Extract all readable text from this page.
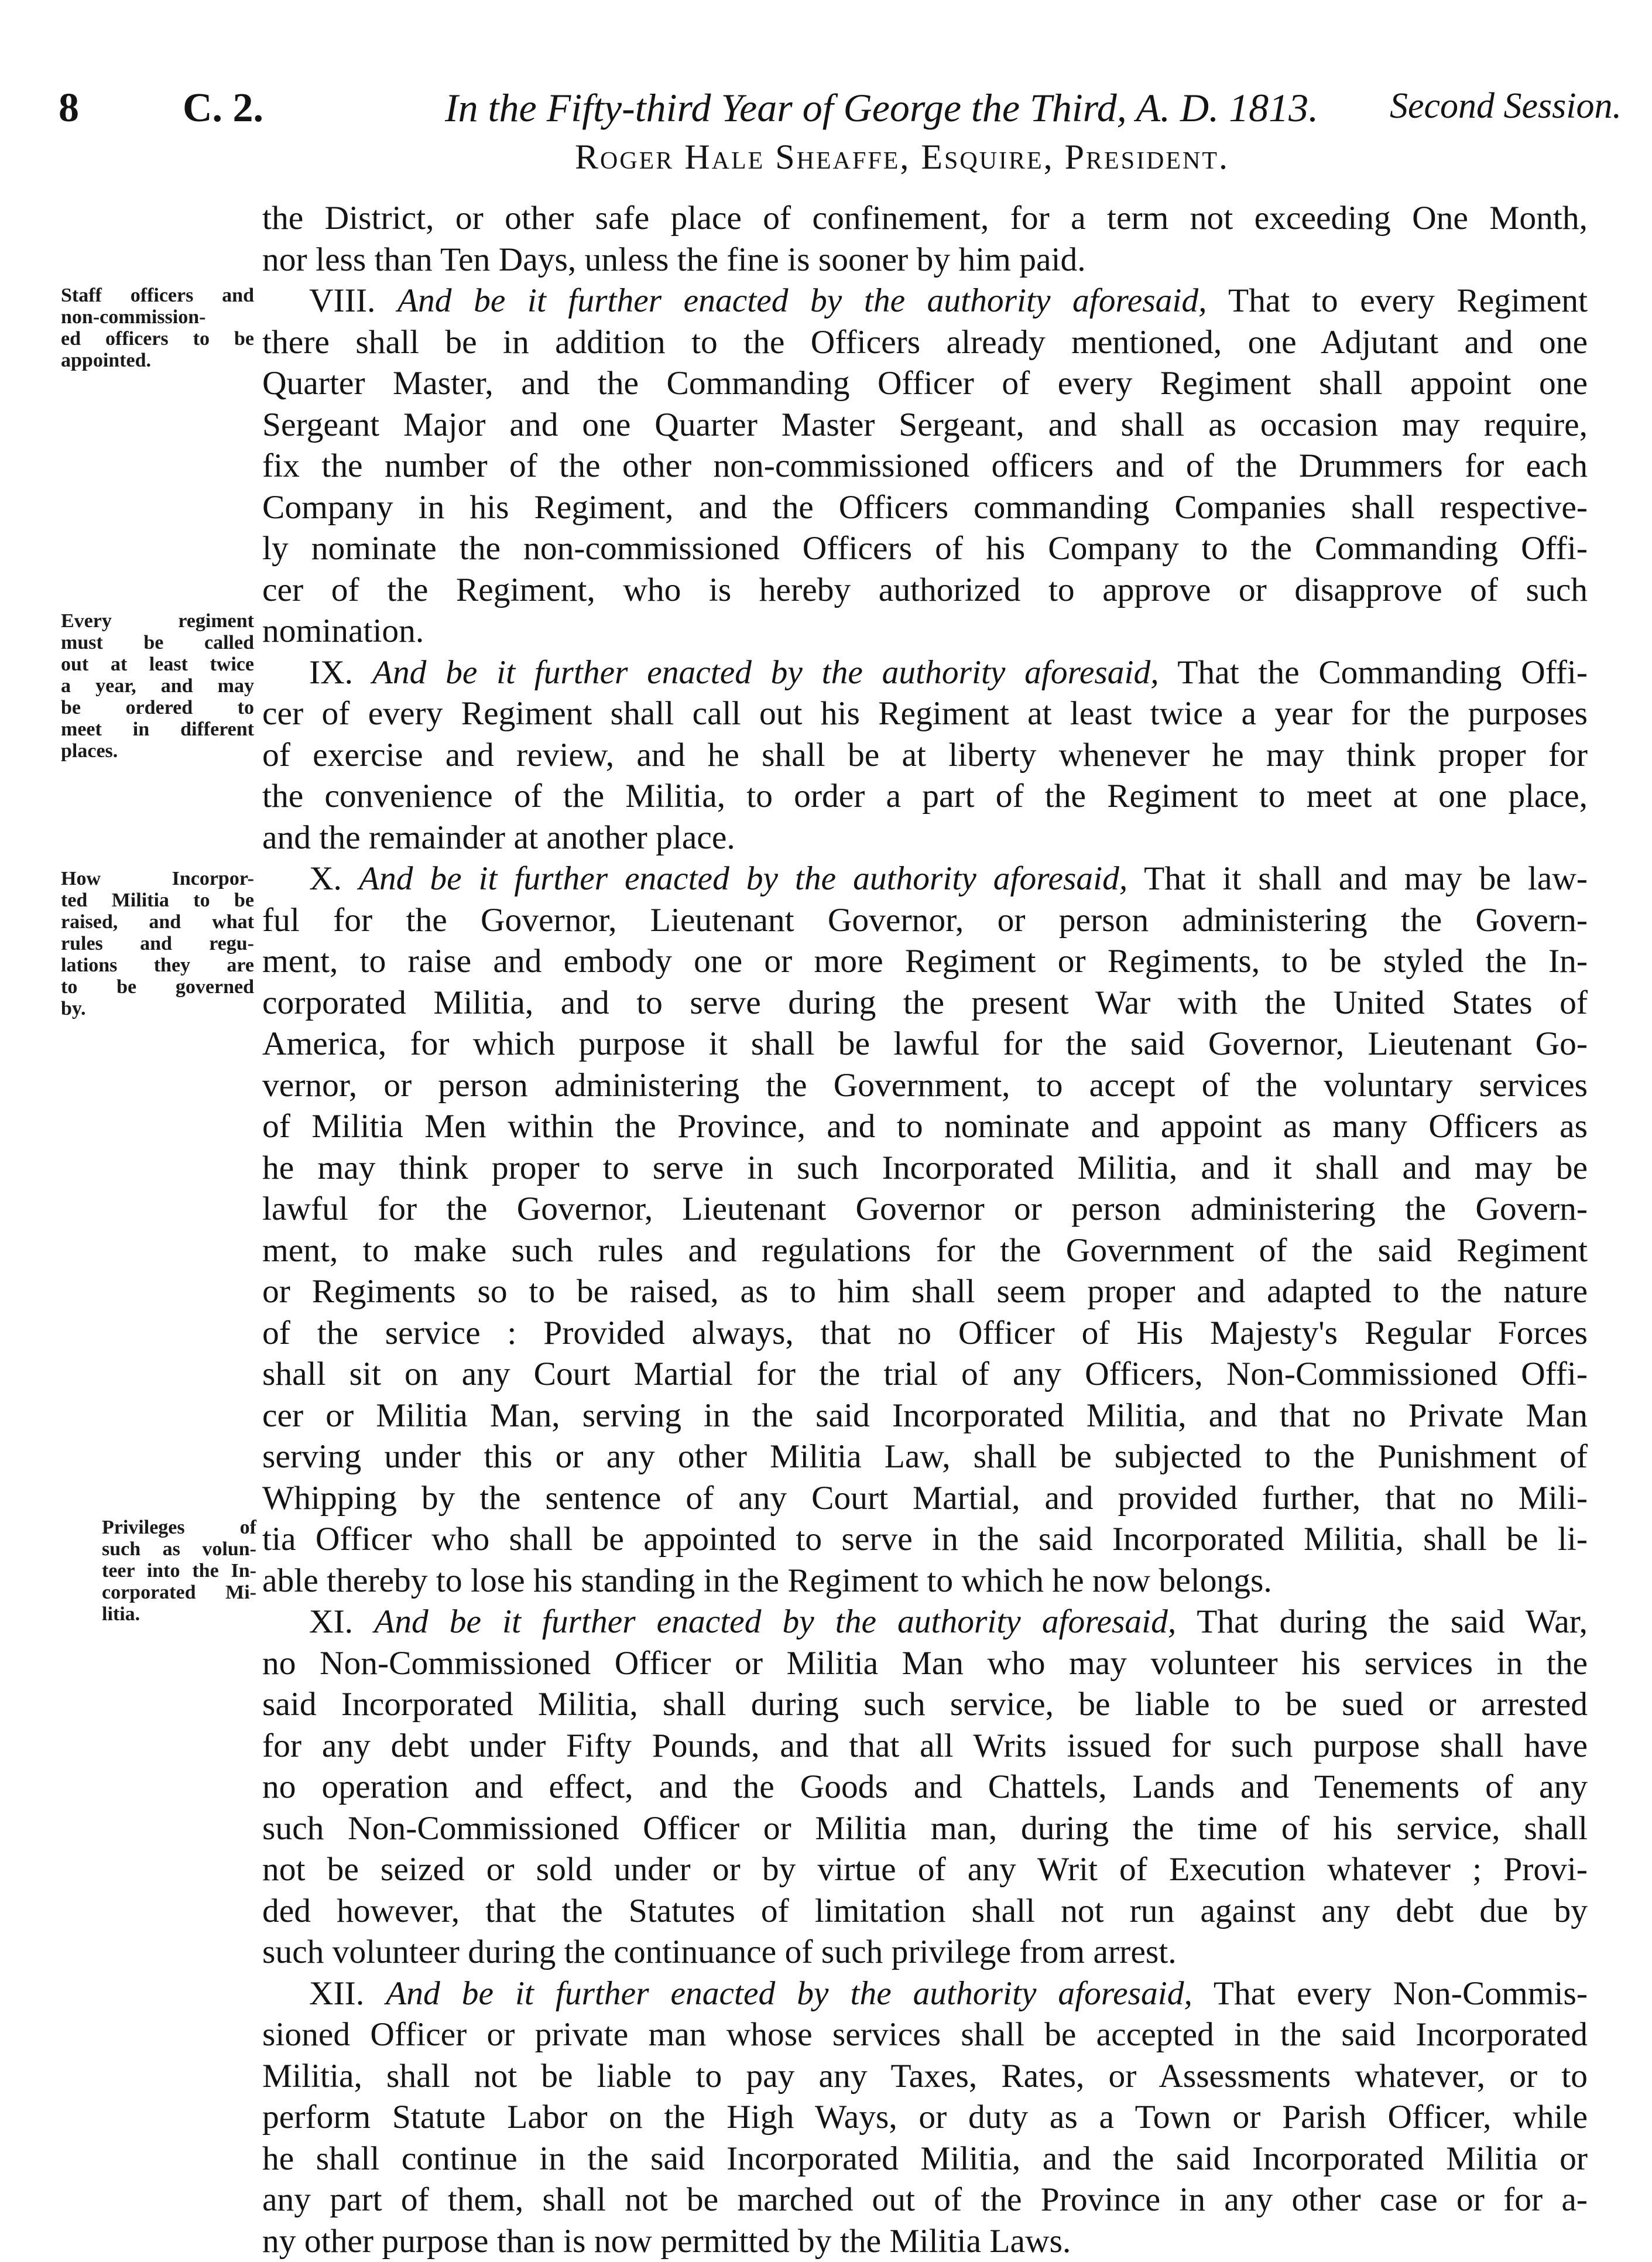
8	C. 2.	In the Fifty-third Year of George the Third, A. D. 1813. Second Session.
Roger Hale Sheaffe, Esquire, President.
Staff officers and
non-commission-
ed officers to be
appointed.
Every regiment
must be called
out at least twice
a year, and may
be ordered to
meet in different
places.
How Incorpor-
ted Militia to be
raised, and what
rules and regu-
lations they are
to be governed
by.
Privileges of
such as volun-
teer into the In-
corporated Mi-
litia.
the District, or other safe place of confinement, for a term not exceeding One Month,
nor less than Ten Days, unless the fine is sooner by him paid.
VIII. And be it further enacted by the authority aforesaid, That to every Regiment
there shall be in addition to the Officers already mentioned, one Adjutant and one
Quarter Master, and the Commanding Officer of every Regiment shall appoint one
Sergeant Major and one Quarter Master Sergeant, and shall as occasion may require,
fix the number of the other non-commissioned officers and of the Drummers for each
Company in his Regiment, and the Officers commanding Companies shall respective-
ly nominate the non-commissioned Officers of his Company to the Commanding Offi-
cer of the Regiment, who is hereby authorized to approve or disapprove of such
nomination.
IX. And be it further enacted by the authority aforesaid, That the Commanding Offi-
cer of every Regiment shall call out his Regiment at least twice a year for the purposes
of exercise and review, and he shall be at liberty whenever he may think proper for
the convenience of the Militia, to order a part of the Regiment to meet at one place,
and the remainder at another place.
X. And be it further enacted by the authority aforesaid, That it shall and may be law-
ful for the Governor, Lieutenant Governor, or person administering the Govern-
ment, to raise and embody one or more Regiment or Regiments, to be styled the In-
corporated Militia, and to serve during the present War with the United States of
America, for which purpose it shall be lawful for the said Governor, Lieutenant Go-
vernor, or person administering the Government, to accept of the voluntary services
of Militia Men within the Province, and to nominate and appoint as many Officers as
he may think proper to serve in such Incorporated Militia, and it shall and may be
lawful for the Governor, Lieutenant Governor or person administering the Govern-
ment, to make such rules and regulations for the Government of the said Regiment
or Regiments so to be raised, as to him shall seem proper and adapted to the nature
of the service : Provided always, that no Officer of His Majesty's Regular Forces
shall sit on any Court Martial for the trial of any Officers, Non-Commissioned Offi-
cer or Militia Man, serving in the said Incorporated Militia, and that no Private Man
serving under this or any other Militia Law, shall be subjected to the Punishment of
Whipping by the sentence of any Court Martial, and provided further, that no Mili-
tia Officer who shall be appointed to serve in the said Incorporated Militia, shall be li-
able thereby to lose his standing in the Regiment to which he now belongs.
XI. And be it further enacted by the authority aforesaid, That during the said War,
no Non-Commissioned Officer or Militia Man who may volunteer his services in the
said Incorporated Militia, shall during such service, be liable to be sued or arrested
for any debt under Fifty Pounds, and that all Writs issued for such purpose shall have
no operation and effect, and the Goods and Chattels, Lands and Tenements of any
such Non-Commissioned Officer or Militia man, during the time of his service, shall
not be seized or sold under or by virtue of any Writ of Execution whatever ; Provi-
ded however, that the Statutes of limitation shall not run against any debt due by
such volunteer during the continuance of such privilege from arrest.
XII. And be it further enacted by the authority aforesaid, That every Non-Commis-
sioned Officer or private man whose services shall be accepted in the said Incorporated
Militia, shall not be liable to pay any Taxes, Rates, or Assessments whatever, or to
perform Statute Labor on the High Ways, or duty as a Town or Parish Officer, while
he shall continue in the said Incorporated Militia, and the said Incorporated Militia or
any part of them, shall not be marched out of the Province in any other case or for a-
ny other purpose than is now permitted by the Militia Laws.
